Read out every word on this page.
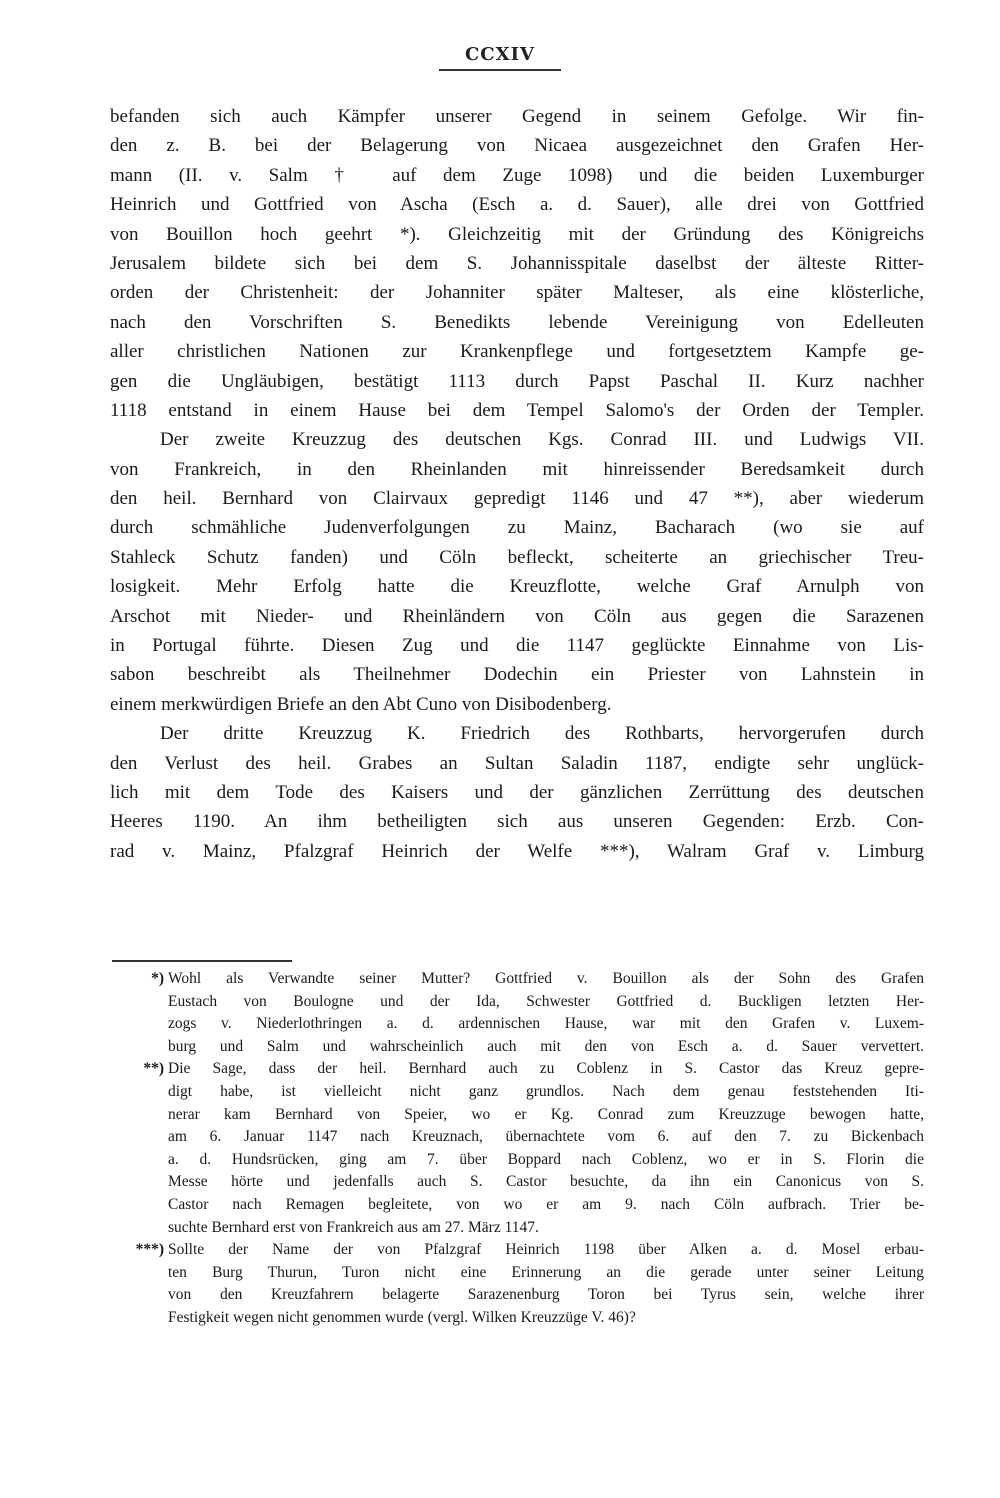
CCXIV
befanden sich auch Kämpfer unserer Gegend in seinem Gefolge. Wir fin-
den z. B. bei der Belagerung von Nicaea ausgezeichnet den Grafen Her-
mann (II. v. Salm † auf dem Zuge 1098) und die beiden Luxemburger
Heinrich und Gottfried von Ascha (Esch a. d. Sauer), alle drei von Gottfried
von Bouillon hoch geehrt *). Gleichzeitig mit der Gründung des Königreichs
Jerusalem bildete sich bei dem S. Johannisspitale daselbst der älteste Ritter-
orden der Christenheit: der Johanniter später Malteser, als eine klösterliche,
nach den Vorschriften S. Benedikts lebende Vereinigung von Edelleuten
aller christlichen Nationen zur Krankenpflege und fortgesetztem Kampfe ge-
gen die Ungläubigen, bestätigt 1113 durch Papst Paschal II. Kurz nachher
1118 entstand in einem Hause bei dem Tempel Salomo's der Orden der Templer.
Der zweite Kreuzzug des deutschen Kgs. Conrad III. und Ludwigs VII.
von Frankreich, in den Rheinlanden mit hinreissender Beredsamkeit durch
den heil. Bernhard von Clairvaux gepredigt 1146 und 47 **), aber wiederum
durch schmähliche Judenverfolgungen zu Mainz, Bacharach (wo sie auf
Stahleck Schutz fanden) und Cöln befleckt, scheiterte an griechischer Treu-
losigkeit. Mehr Erfolg hatte die Kreuzflotte, welche Graf Arnulph von
Arschot mit Nieder- und Rheinländern von Cöln aus gegen die Sarazenen
in Portugal führte. Diesen Zug und die 1147 geglückte Einnahme von Lis-
sabon beschreibt als Theilnehmer Dodechin ein Priester von Lahnstein in
einem merkwürdigen Briefe an den Abt Cuno von Disibodenberg.
Der dritte Kreuzzug K. Friedrich des Rothbarts, hervorgerufen durch
den Verlust des heil. Grabes an Sultan Saladin 1187, endigte sehr unglück-
lich mit dem Tode des Kaisers und der gänzlichen Zerrüttung des deutschen
Heeres 1190. An ihm betheiligten sich aus unseren Gegenden: Erzb. Con-
rad v. Mainz, Pfalzgraf Heinrich der Welfe ***), Walram Graf v. Limburg
*) Wohl als Verwandte seiner Mutter? Gottfried v. Bouillon als der Sohn des Grafen
Eustach von Boulogne und der Ida, Schwester Gottfried d. Buckligen letzten Her-
zogs v. Niederlothringen a. d. ardennischen Hause, war mit den Grafen v. Luxem-
burg und Salm und wahrscheinlich auch mit den von Esch a. d. Sauer vervettert.
**) Die Sage, dass der heil. Bernhard auch zu Coblenz in S. Castor das Kreuz gepre-
digt habe, ist vielleicht nicht ganz grundlos. Nach dem genau feststehenden Iti-
nerar kam Bernhard von Speier, wo er Kg. Conrad zum Kreuzzuge bewogen hatte,
am 6. Januar 1147 nach Kreuznach, übernachtete vom 6. auf den 7. zu Bickenbach
a. d. Hundsrücken, ging am 7. über Boppard nach Coblenz, wo er in S. Florin die
Messe hörte und jedenfalls auch S. Castor besuchte, da ihn ein Canonicus von S.
Castor nach Remagen begleitete, von wo er am 9. nach Cöln aufbrach. Trier be-
suchte Bernhard erst von Frankreich aus am 27. März 1147.
***) Sollte der Name der von Pfalzgraf Heinrich 1198 über Alken a. d. Mosel erbau-
ten Burg Thurun, Turon nicht eine Erinnerung an die gerade unter seiner Leitung
von den Kreuzfahrern belagerte Sarazenenburg Toron bei Tyrus sein, welche ihrer
Festigkeit wegen nicht genommen wurde (vergl. Wilken Kreuzzüge V. 46)?
